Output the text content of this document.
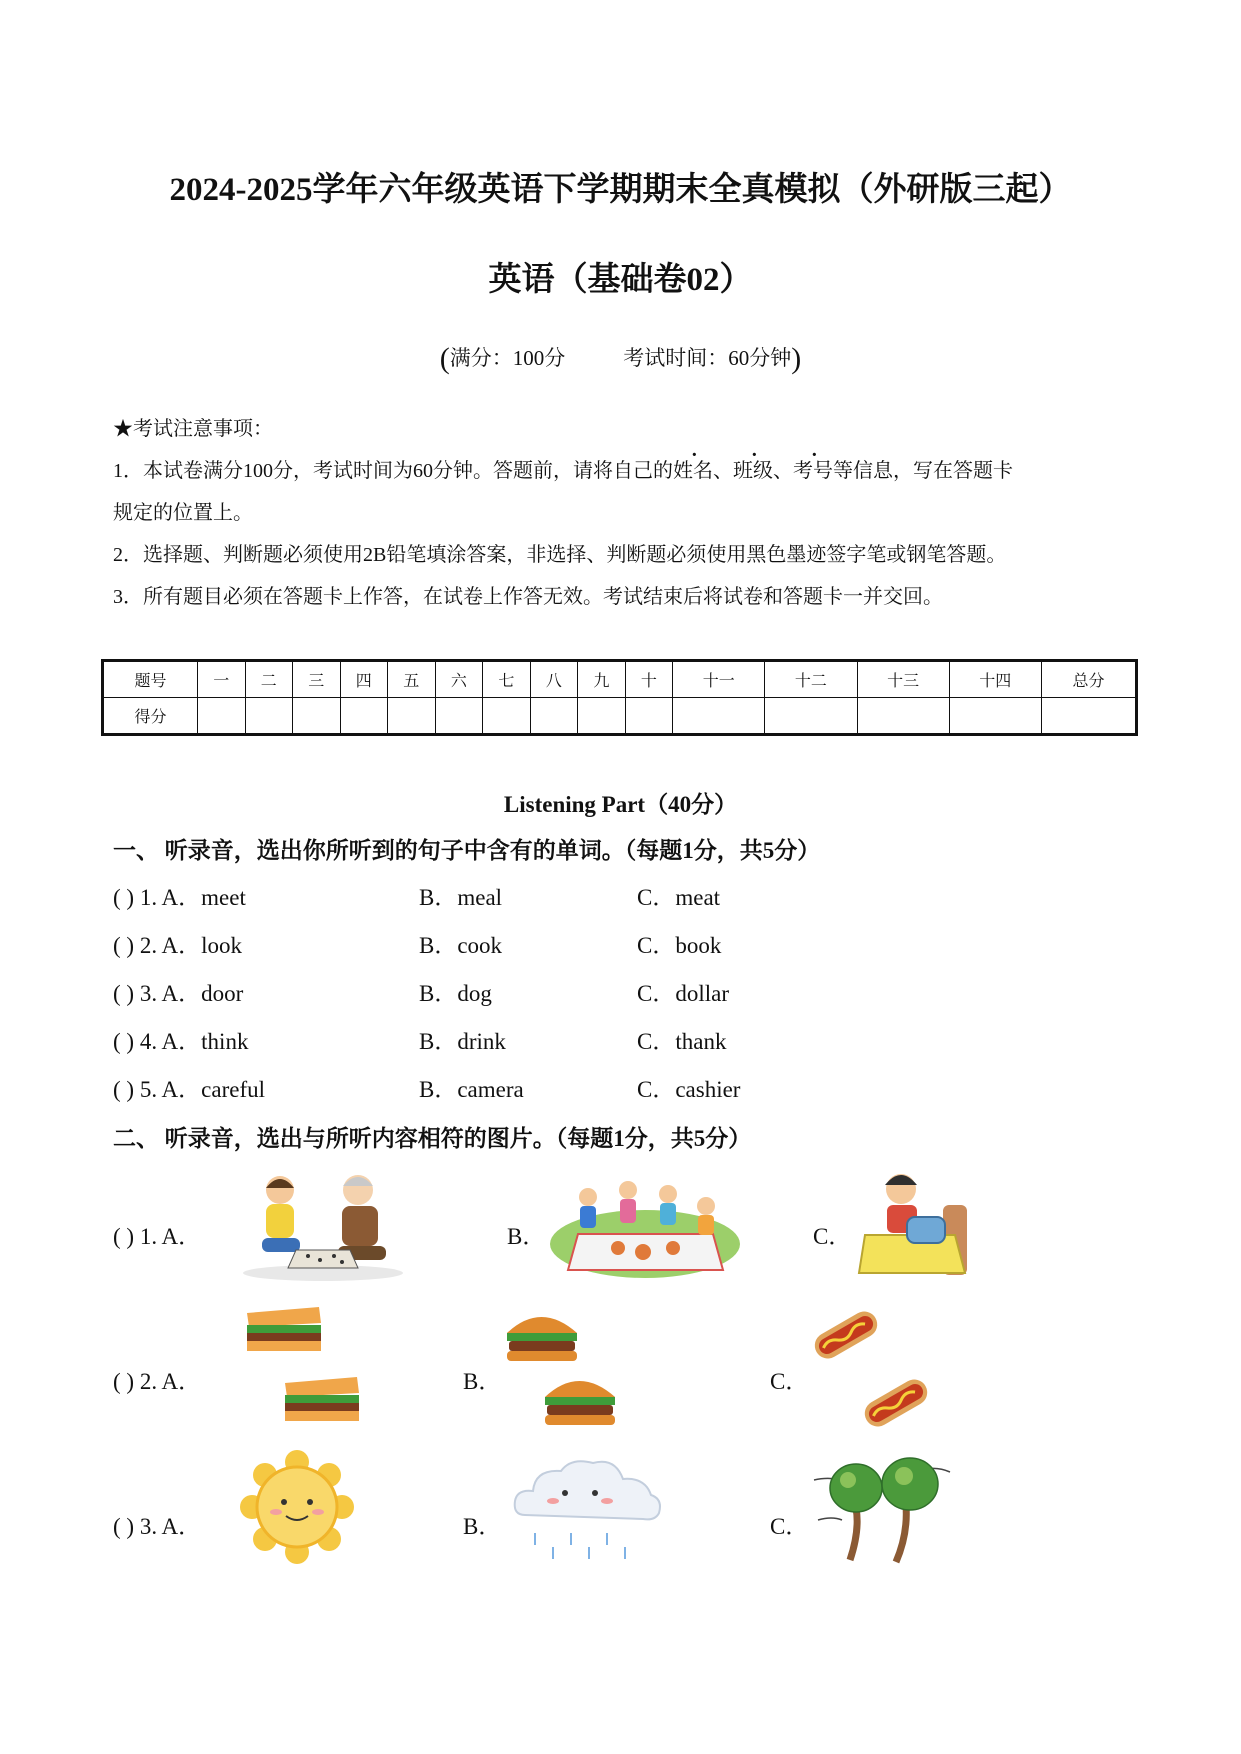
2024-2025学年六年级英语下学期期末全真模拟（外研版三起）
英语（基础卷02）
(满分：100分	考试时间：60分钟)

★考试注意事项：

1．本试卷满分100分，考试时间为60分钟。答题前，请将自己的姓名、班级、考号等信息，写在答题卡

规定的位置上。

2．选择题、判断题必须使用2B铅笔填涂答案，非选择、判断题必须使用黑色墨迹签字笔或钢笔答题。

3．所有题目必须在答题卡上作答，在试卷上作答无效。考试结束后将试卷和答题卡一并交回。

题号	一	二	三	四	五	六	七	八	九	十	十一	十二	十三	十四	总分
得分															
Listening Part（40分）
一、 听录音，选出你所听到的句子中含有的单词。（每题1分，共5分）
( ) 1. A．meet	B．meal	C．meat
( ) 2. A．look	B．cook	C．book
( ) 3. A．door	B．dog	C．dollar
( ) 4. A．think	B．drink	C．thank
( ) 5. A．careful	B．camera	C．cashier
二、 听录音，选出与所听内容相符的图片。（每题1分，共5分）
( ) 1. A．	B．	C．
( ) 2. A．	B．	C．
( ) 3. A．	B．	C．
